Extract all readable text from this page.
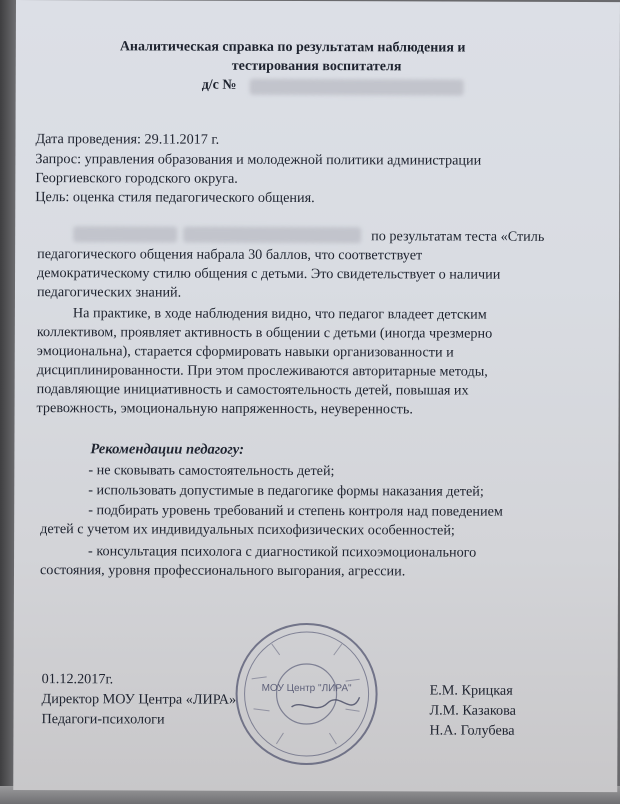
Аналитическая справка по результатам наблюдения и
тестирования воспитателя
д/с №
Дата проведения: 29.11.2017 г.
Запрос: управления образования и молодежной политики администрации
Георгиевского городского округа.
Цель: оценка стиля педагогического общения.
по результатам теста «Стиль
педагогического общения набрала 30 баллов, что соответствует
демократическому стилю общения с детьми. Это свидетельствует о наличии
педагогических знаний.
На практике, в ходе наблюдения видно, что педагог владеет детским
коллективом, проявляет активность в общении с детьми (иногда чрезмерно
эмоциональна), старается сформировать навыки организованности и
дисциплинированности. При этом прослеживаются авторитарные методы,
подавляющие инициативность и самостоятельность детей, повышая их
тревожность, эмоциональную напряженность, неуверенность.
Рекомендации педагогу:
- не сковывать самостоятельность детей;
- использовать допустимые в педагогике формы наказания детей;
- подбирать уровень требований и степень контроля над поведением
детей с учетом их индивидуальных психофизических особенностей;
- консультация психолога с диагностикой психоэмоционального
состояния, уровня профессионального выгорания, агрессии.
01.12.2017г.
Директор МОУ Центра «ЛИРА»
Педагоги-психологи
Е.М. Крицкая
Л.М. Казакова
Н.А. Голубева
МОУ Центр "ЛИРА"
